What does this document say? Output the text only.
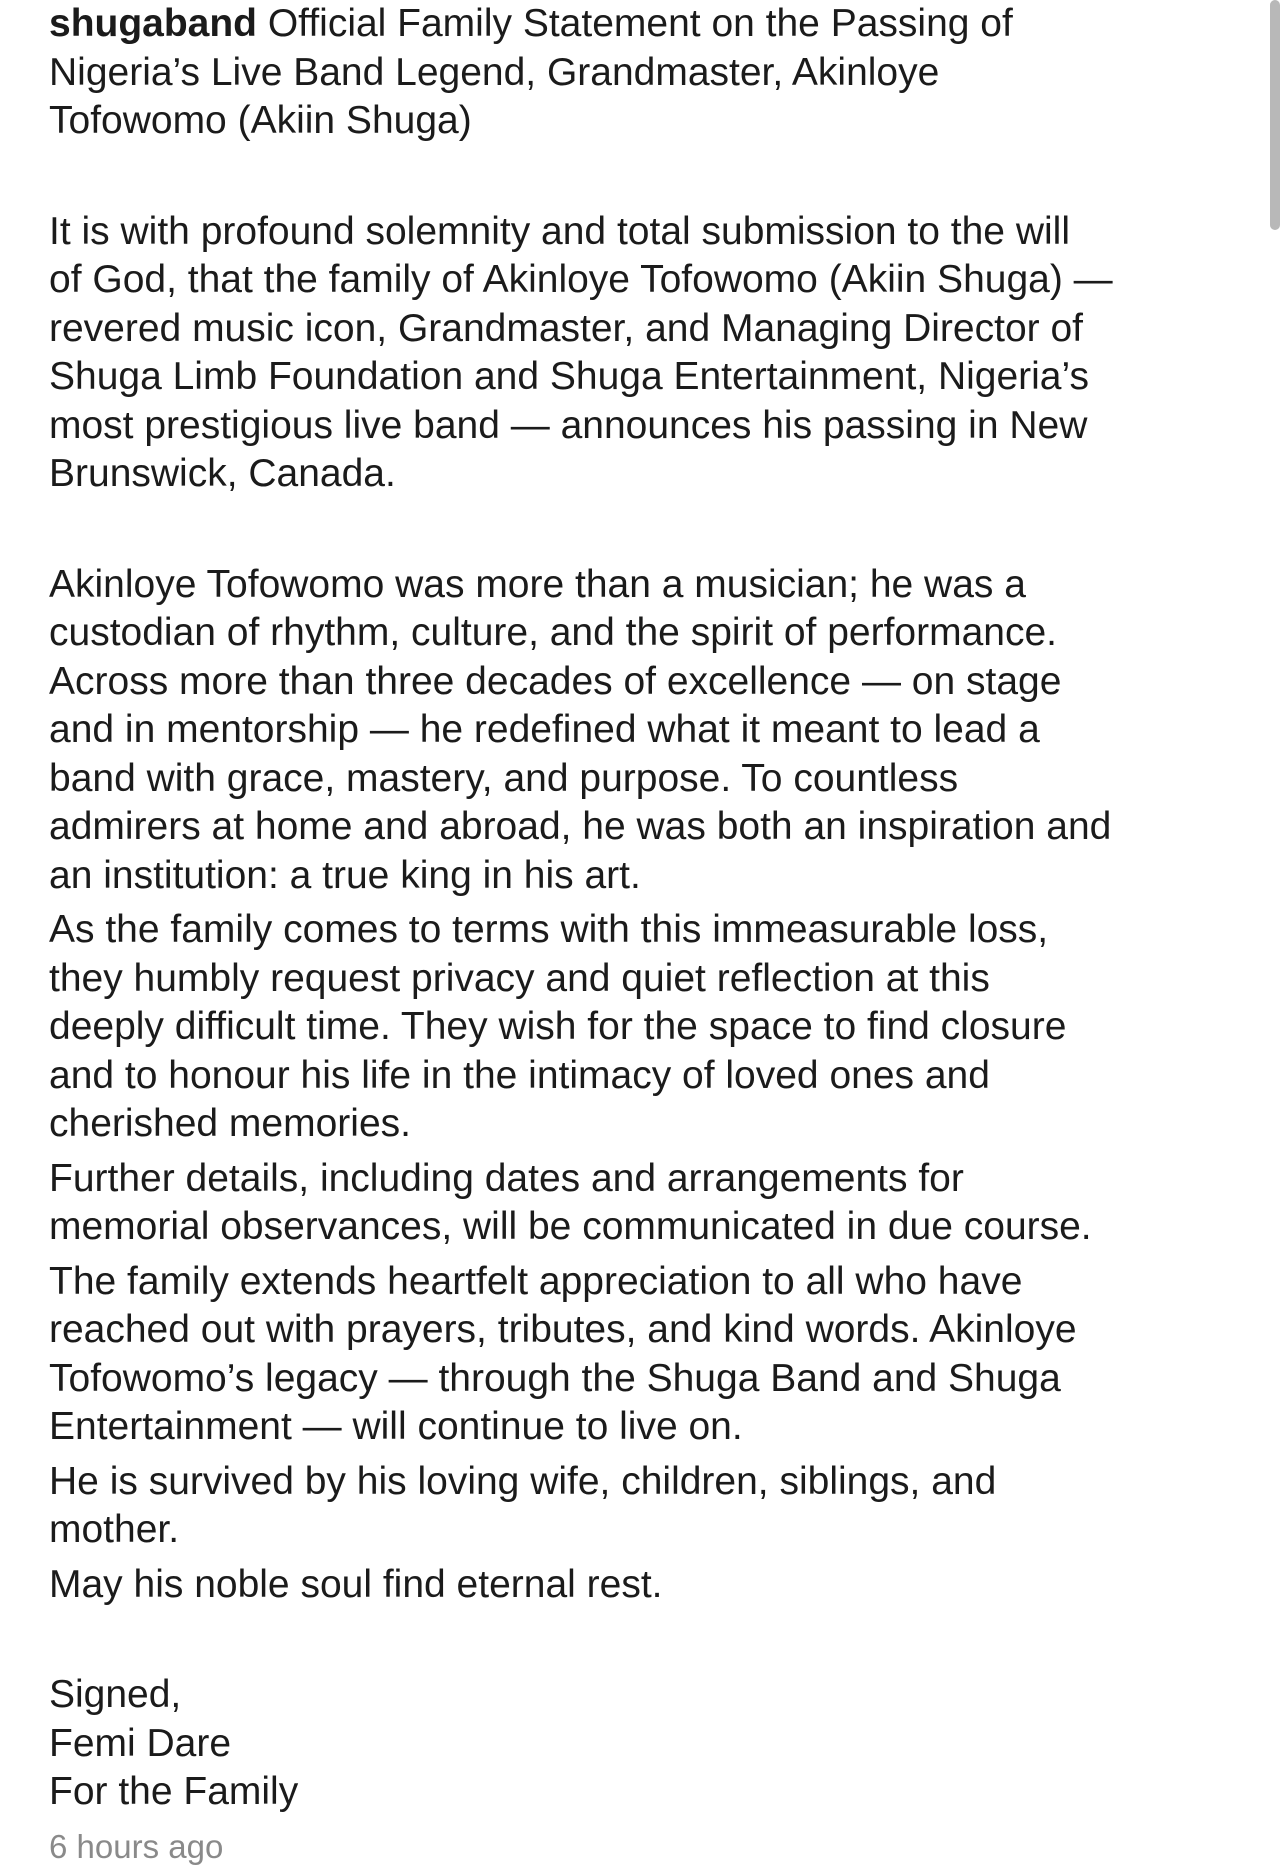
shugaband Official Family Statement on the Passing of
Nigeria’s Live Band Legend, Grandmaster, Akinloye
Tofowomo (Akiin Shuga)
It is with profound solemnity and total submission to the will
of God, that the family of Akinloye Tofowomo (Akiin Shuga) —
revered music icon, Grandmaster, and Managing Director of
Shuga Limb Foundation and Shuga Entertainment, Nigeria’s
most prestigious live band — announces his passing in New
Brunswick, Canada.
Akinloye Tofowomo was more than a musician; he was a
custodian of rhythm, culture, and the spirit of performance.
Across more than three decades of excellence — on stage
and in mentorship — he redefined what it meant to lead a
band with grace, mastery, and purpose. To countless
admirers at home and abroad, he was both an inspiration and
an institution: a true king in his art.
As the family comes to terms with this immeasurable loss,
they humbly request privacy and quiet reflection at this
deeply difficult time. They wish for the space to find closure
and to honour his life in the intimacy of loved ones and
cherished memories.
Further details, including dates and arrangements for
memorial observances, will be communicated in due course.
The family extends heartfelt appreciation to all who have
reached out with prayers, tributes, and kind words. Akinloye
Tofowomo’s legacy — through the Shuga Band and Shuga
Entertainment — will continue to live on.
He is survived by his loving wife, children, siblings, and
mother.
May his noble soul find eternal rest.
Signed,
Femi Dare
For the Family
6 hours ago
